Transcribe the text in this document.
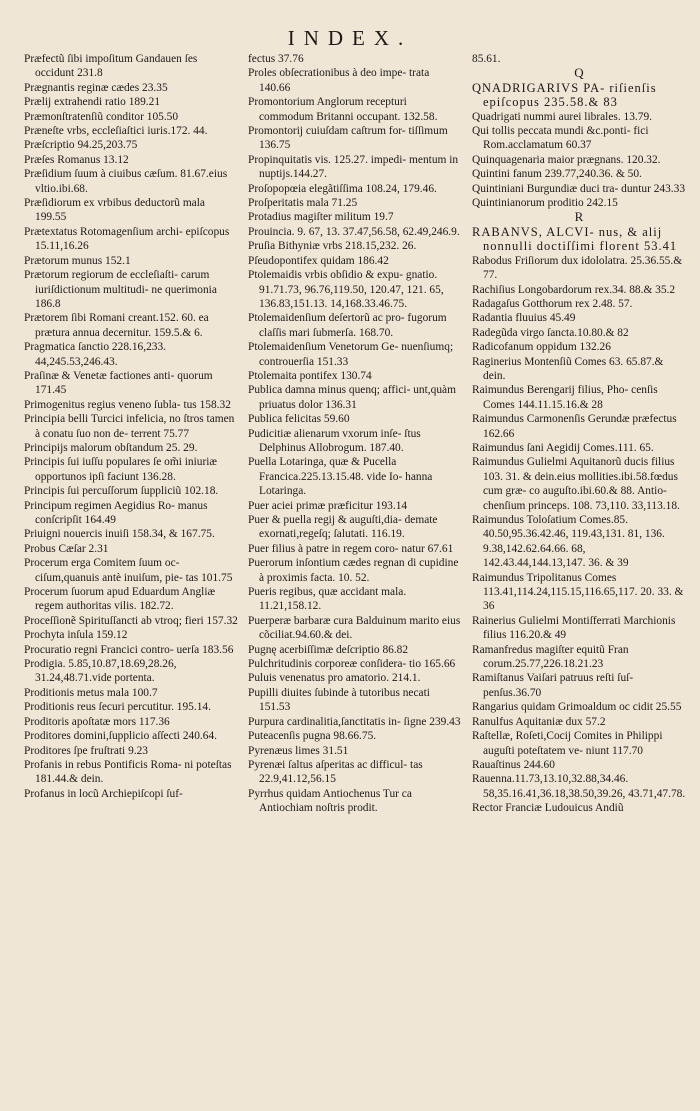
INDEX.

Præfectũ ſibi impoſitum Gandauen ſes occidunt 231.8

Prægnantis reginæ cædes 23.35

Prælij extrahendi ratio 189.21

Præmonſtratenſiũ conditor 105.50

Præneſte vrbs, eccleſiaſtici iuris.172. 44.

Præſcriptio 94.25,203.75

Præſes Romanus 13.12

Præſidium ſuum à ciuibus cæſum. 81.67.eius vltio.ibi.68.

Præſidiorum ex vrbibus deductorũ mala 199.55

Prætextatus Rotomagenſium archi- epiſcopus 15.11,16.26

Prætorum munus 152.1

Prætorum regiorum de eccleſiaſti- carum iuriſdictionum multitudi- ne querimonia 186.8

Prætorem ſibi Romani creant.152. 60. ea prætura annua decernitur. 159.5.& 6.

Pragmatica ſanctio 228.16,233. 44,245.53,246.43.

Praſinæ & Venetæ factiones anti- quorum 171.45

Primogenitus regius veneno ſubla- tus 158.32

Principia belli Turcici infelicia, no ſtros tamen à conatu ſuo non de- terrent 75.77

Principijs malorum obſtandum 25. 29.

Principis ſui iuſſu populares ſe om̃i iniuriæ opportunos ipſi faciunt 136.28.

Principis ſui percuſſorum ſuppliciũ 102.18.

Principum regimen Aegidius Ro- manus conſcripſit 164.49

Priuigni nouercis inuiſi 158.34, & 167.75.

Probus Cæſar 2.31

Procerum erga Comitem ſuum oc- ciſum,quanuis antè inuiſum, pie- tas 101.75

Procerum ſuorum apud Eduardum Angliæ regem authoritas vilis. 182.72.

Proceſſionẽ Spirituſſancti ab vtroq; fieri 157.32

Prochyta inſula 159.12

Procuratio regni Francici contro- uerſa 183.56

Prodigia. 5.85,10.87,18.69,28.26, 31.24,48.71.vide portenta.

Proditionis metus mala 100.7

Proditionis reus ſecuri percutitur. 195.14.

Proditoris apoſtatæ mors 117.36

Proditores domini,ſupplicio aſſecti 240.64.

Proditores ſpe fruſtrati 9.23

Profanis in rebus Pontificis Roma- ni poteſtas 181.44.& dein.

Profanus in locũ Archiepiſcopi ſuf-

fectus 37.76

Proles obſecrationibus à deo impe- trata 140.66

Promontorium Anglorum recepturi commodum Britanni occupant. 132.58.

Promontorij cuiuſdam caſtrum for- tiſſimum 136.75

Propinquitatis vis. 125.27. impedi- mentum in nuptijs.144.27.

Proſopopœia elegãtiſſima 108.24, 179.46.

Proſperitatis mala 71.25

Protadius magiſter militum 19.7

Prouincia. 9. 67, 13. 37.47,56.58, 62.49,246.9.

Pruſia Bithyniæ vrbs 218.15,232. 26.

Pſeudopontifex quidam 186.42

Ptolemaidis vrbis obſidio & expu- gnatio. 91.71.73, 96.76,119.50, 120.47, 121. 65, 136.83,151.13. 14,168.33.46.75.

Ptolemaidenſium deſertorũ ac pro- fugorum claſſis mari ſubmerſa. 168.70.

Ptolemaidenſium Venetorum Ge- nuenſiumq; controuerſia 151.33

Ptolemaita pontifex 130.74

Publica damna minus quenq; affici- unt,quàm priuatus dolor 136.31

Publica felicitas 59.60

Pudicitiæ alienarum vxorum inſe- ſtus Delphinus Allobrogum. 187.40.

Puella Lotaringa, quæ & Pucella Francica.225.13.15.48. vide Io- hanna Lotaringa.

Puer aciei primæ præficitur 193.14

Puer & puella regij & auguſti,dia- demate exornati,regeſq; ſalutati. 116.19.

Puer filius à patre in regem coro- natur 67.61

Puerorum inſontium cædes regnan di cupidine à proximis facta. 10. 52.

Pueris regibus, quæ accidant mala. 11.21,158.12.

Puerperæ barbaræ cura Balduinum marito eius cõciliat.94.60.& dei.

Pugnę acerbiſſimæ deſcriptio 86.82

Pulchritudinis corporeæ conſidera- tio 165.66

Puluis venenatus pro amatorio. 214.1.

Pupilli diuites ſubinde à tutoribus necati 151.53

Purpura cardinalitia,ſanctitatis in- ſigne 239.43

Puteacenſis pugna 98.66.75.

Pyrenæus limes 31.51

Pyrenæi ſaltus aſperitas ac difficul- tas 22.9,41.12,56.15

Pyrrhus quidam Antiochenus Tur ca Antiochiam noſtris prodit.

85.61.

Q

QNADRIGARIVS PA- riſienſis epiſcopus 235.58.& 83

Quadrigati nummi aurei librales. 13.79.

Qui tollis peccata mundi &c.ponti- fici Rom.acclamatum 60.37

Quinquagenaria maior prægnans. 120.32.

Quintini fanum 239.77,240.36. & 50.

Quintiniani Burgundiæ duci tra- duntur 243.33

Quintinianorum proditio 242.15

R

RABANVS, ALCVI- nus, & alij nonnulli doctiſſimi florent 53.41

Rabodus Friſiorum dux idololatra. 25.36.55.& 77.

Rachiſius Longobardorum rex.34. 88.& 35.2

Radagaſus Gotthorum rex 2.48. 57.

Radantia fluuius 45.49

Radegũda virgo ſancta.10.80.& 82

Radicofanum oppidum 132.26

Raginerius Montenſiũ Comes 63. 65.87.& dein.

Raimundus Berengarij filius, Pho- cenſis Comes 144.11.15.16.& 28

Raimundus Carmonenſis Gerundæ præfectus 162.66

Raimundus ſani Aegidij Comes.111. 65.

Raimundus Gulielmi Aquitanorũ ducis filius 103. 31. & dein.eius mollities.ibi.58.fœdus cum græ- co auguſto.ibi.60.& 88. Antio- chenſium princeps. 108. 73,110. 33,113.18.

Raimundus Toloſatium Comes.85. 40.50,95.36.42.46, 119.43,131. 81, 136. 9.38,142.62.64.66. 68, 142.43.44,144.13,147. 36. & 39

Raimundus Tripolitanus Comes 113.41,114.24,115.15,116.65,117. 20. 33. & 36

Rainerius Gulielmi Montiſferrati Marchionis filius 116.20.& 49

Ramanfredus magiſter equitũ Fran corum.25.77,226.18.21.23

Ramiſtanus Vaiſari patruus reſti ſuſ- penſus.36.70

Rangarius quidam Grimoaldum oc cidit 25.55

Ranulfus Aquitaniæ dux 57.2

Raſtellæ, Roſeti,Cocij Comites in Philippi auguſti poteſtatem ve- niunt 117.70

Rauaſtinus 244.60

Rauenna.11.73,13.10,32.88,34.46. 58,35.16.41,36.18,38.50,39.26, 43.71,47.78.

Rector Franciæ Ludouicus Andiũ
